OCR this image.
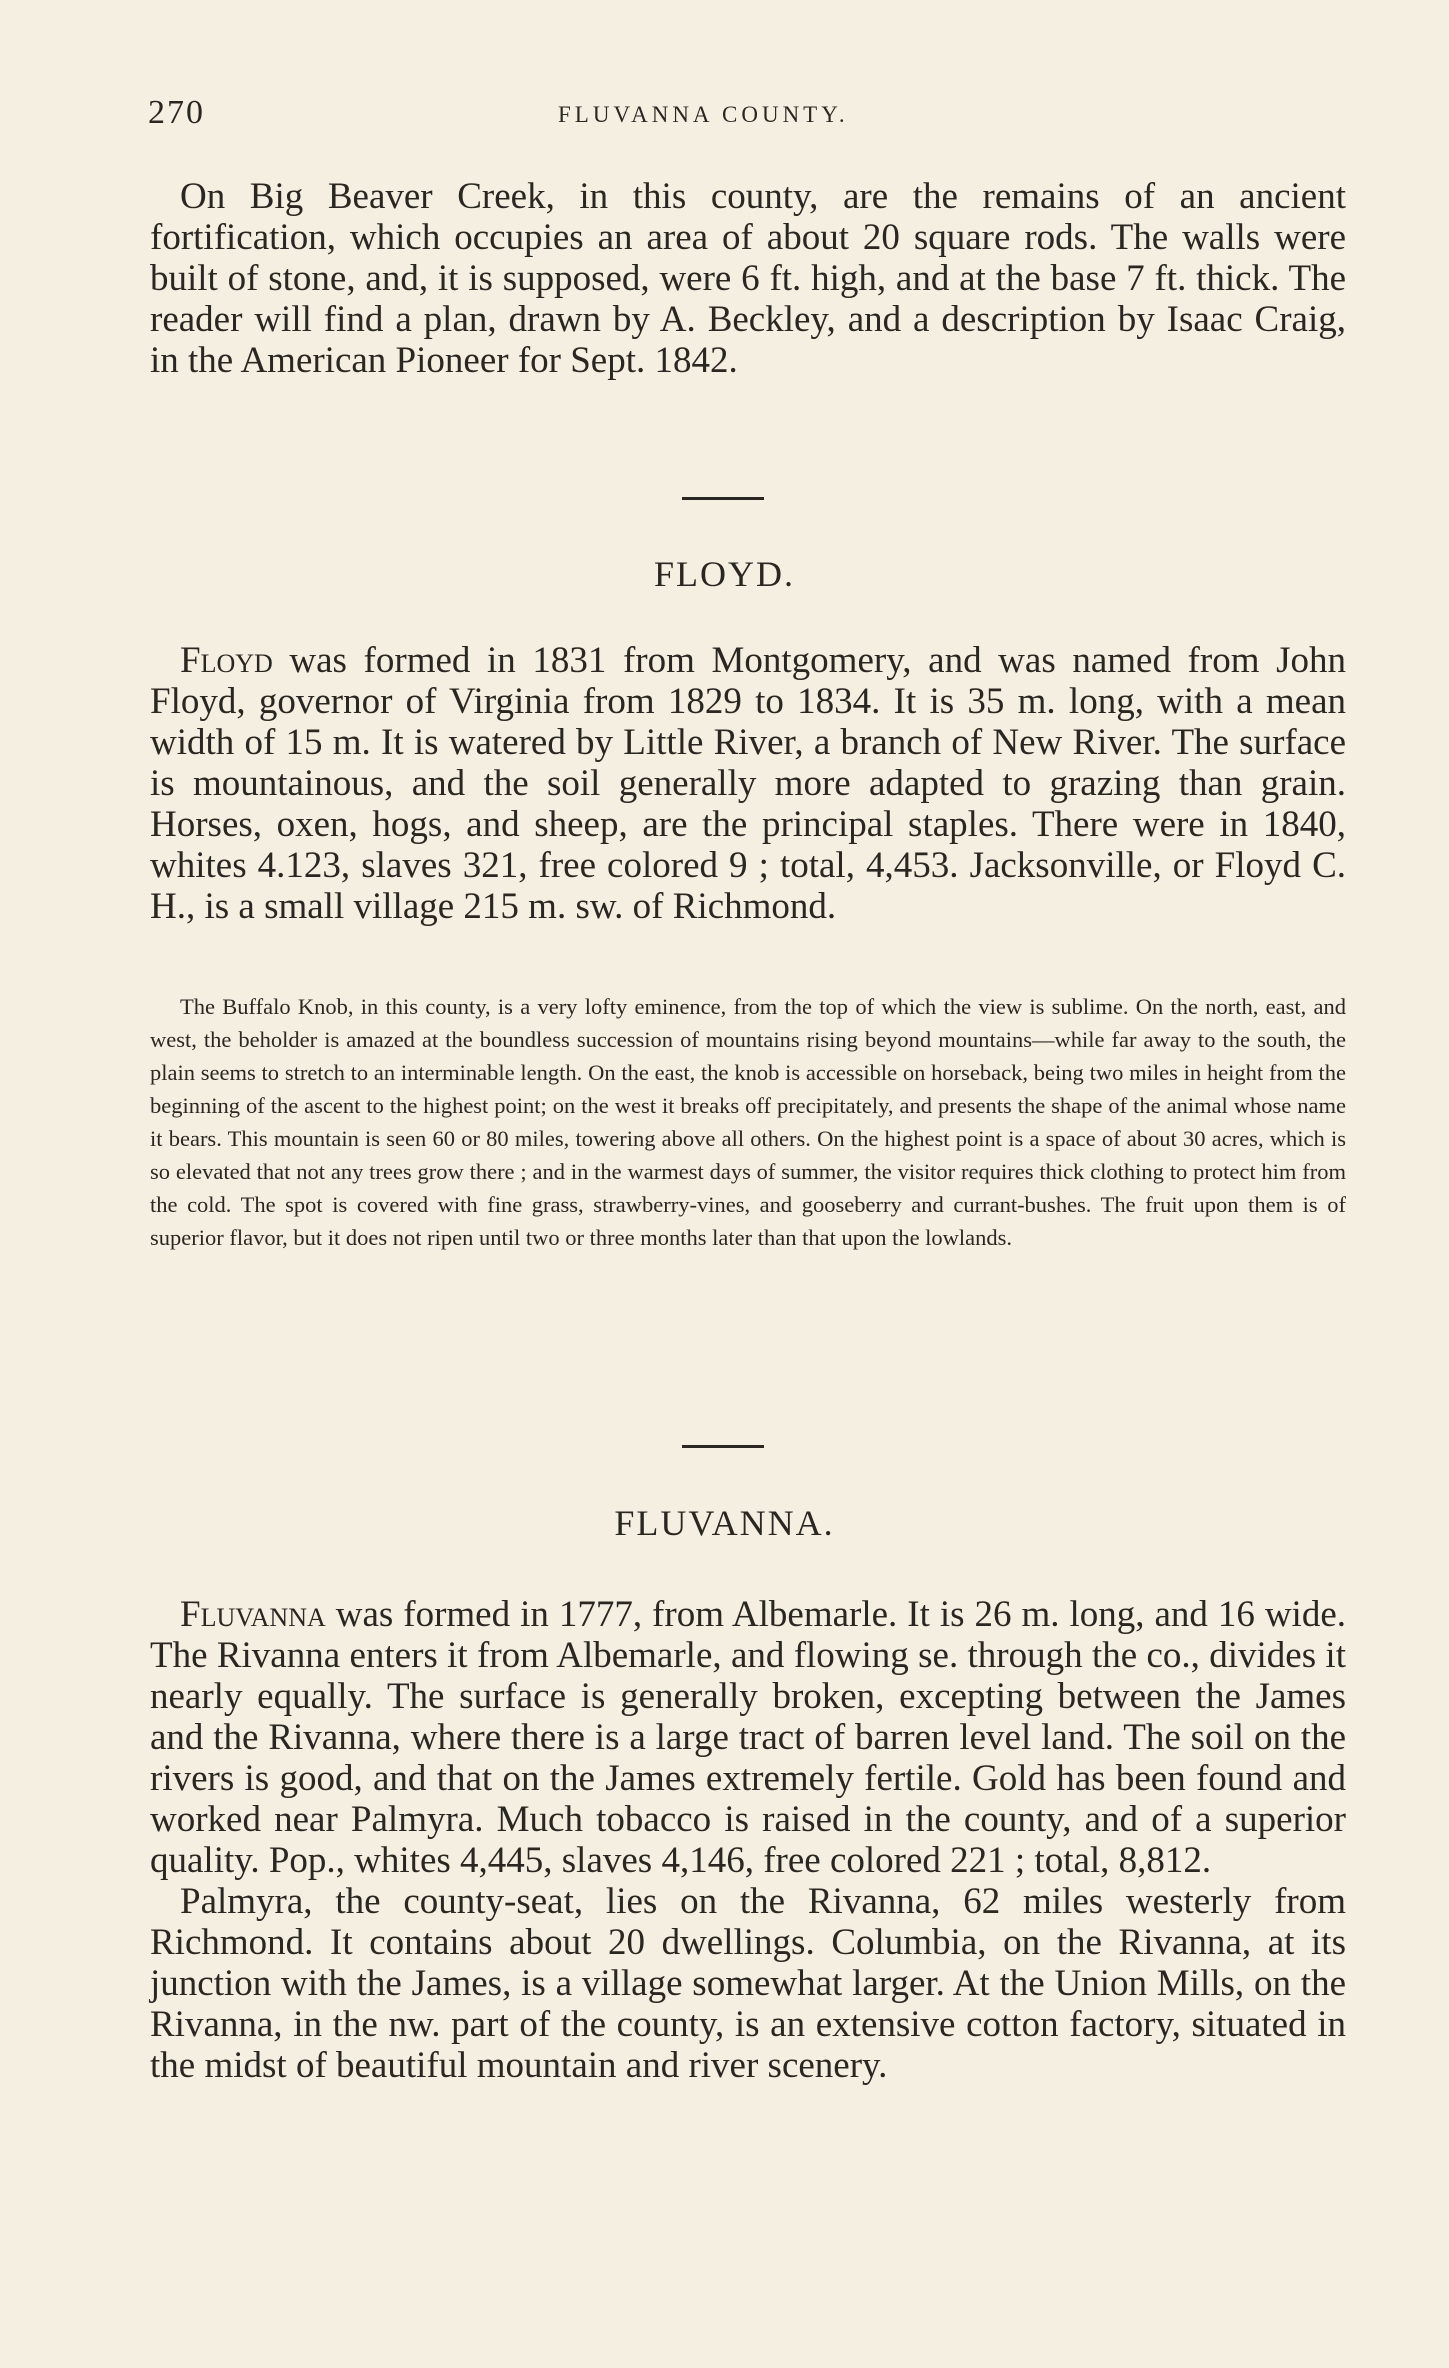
270	FLUVANNA COUNTY.

On Big Beaver Creek, in this county, are the remains of an ancient fortification, which occupies an area of about 20 square rods. The walls were built of stone, and, it is supposed, were 6 ft. high, and at the base 7 ft. thick. The reader will find a plan, drawn by A. Beckley, and a description by Isaac Craig, in the American Pioneer for Sept. 1842.

FLOYD.

Floyd was formed in 1831 from Montgomery, and was named from John Floyd, governor of Virginia from 1829 to 1834. It is 35 m. long, with a mean width of 15 m. It is watered by Little River, a branch of New River. The surface is mountainous, and the soil generally more adapted to grazing than grain. Horses, oxen, hogs, and sheep, are the principal staples. There were in 1840, whites 4.123, slaves 321, free colored 9 ; total, 4,453. Jacksonville, or Floyd C. H., is a small village 215 m. sw. of Richmond.

The Buffalo Knob, in this county, is a very lofty eminence, from the top of which the view is sublime. On the north, east, and west, the beholder is amazed at the boundless succession of mountains rising beyond mountains—while far away to the south, the plain seems to stretch to an interminable length. On the east, the knob is accessible on horseback, being two miles in height from the beginning of the ascent to the highest point; on the west it breaks off precipitately, and presents the shape of the animal whose name it bears. This mountain is seen 60 or 80 miles, towering above all others. On the highest point is a space of about 30 acres, which is so elevated that not any trees grow there ; and in the warmest days of summer, the visitor requires thick clothing to protect him from the cold. The spot is covered with fine grass, strawberry-vines, and gooseberry and currant-bushes. The fruit upon them is of superior flavor, but it does not ripen until two or three months later than that upon the lowlands.

FLUVANNA.

Fluvanna was formed in 1777, from Albemarle. It is 26 m. long, and 16 wide. The Rivanna enters it from Albemarle, and flowing se. through the co., divides it nearly equally. The surface is generally broken, excepting between the James and the Rivanna, where there is a large tract of barren level land. The soil on the rivers is good, and that on the James extremely fertile. Gold has been found and worked near Palmyra. Much tobacco is raised in the county, and of a superior quality. Pop., whites 4,445, slaves 4,146, free colored 221 ; total, 8,812.

Palmyra, the county-seat, lies on the Rivanna, 62 miles westerly from Richmond. It contains about 20 dwellings. Columbia, on the Rivanna, at its junction with the James, is a village somewhat larger. At the Union Mills, on the Rivanna, in the nw. part of the county, is an extensive cotton factory, situated in the midst of beautiful mountain and river scenery.
